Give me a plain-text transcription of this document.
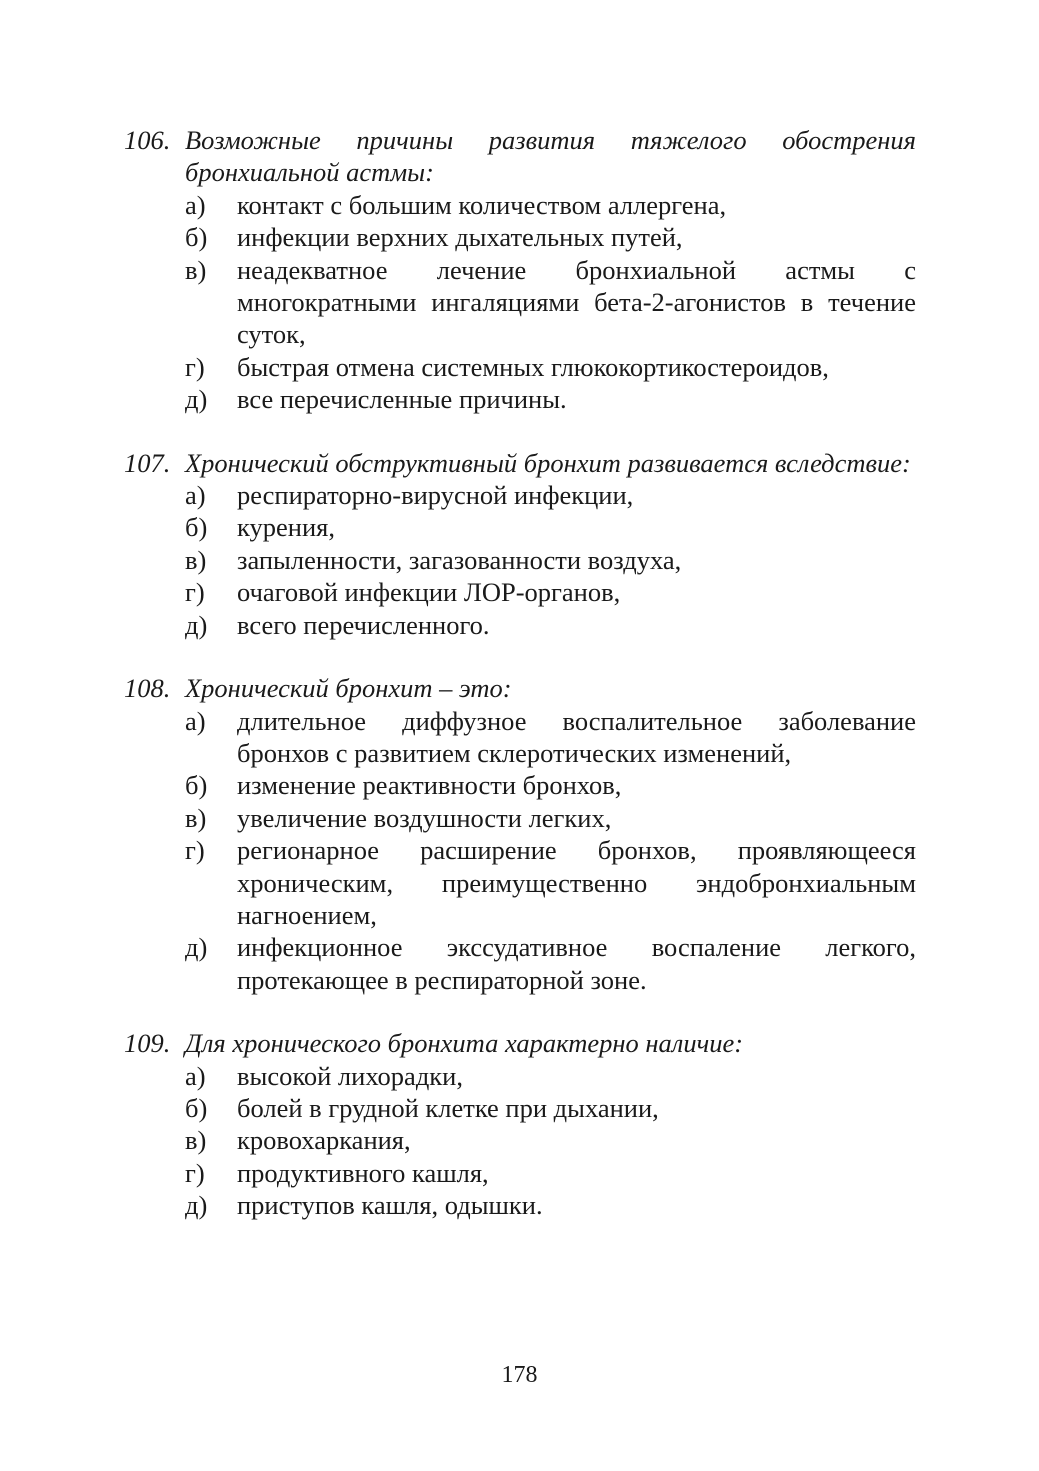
106. Возможные причины развития тяжелого обострения бронхиальной астмы:
а)	контакт с большим количеством аллергена,
б)	инфекции верхних дыхательных путей,
в)	неадекватное лечение бронхиальной астмы с многократными ингаляциями бета-2-агонистов в течение суток,
г)	быстрая отмена системных глюкокортикостероидов,
д)	все перечисленные причины.
107. Хронический обструктивный бронхит развивается вследствие:
а)	респираторно-вирусной инфекции,
б)	курения,
в)	запыленности, загазованности воздуха,
г)	очаговой инфекции ЛОР-органов,
д)	всего перечисленного.
108. Хронический бронхит – это:
а)	длительное диффузное воспалительное заболевание бронхов с развитием склеротических изменений,
б)	изменение реактивности бронхов,
в)	увеличение воздушности легких,
г)	регионарное расширение бронхов, проявляющееся хроническим, преимущественно эндобронхиальным нагноением,
д)	инфекционное экссудативное воспаление легкого, протекающее в респираторной зоне.
109. Для хронического бронхита характерно наличие:
а)	высокой лихорадки,
б)	болей в грудной клетке при дыхании,
в)	кровохаркания,
г)	продуктивного кашля,
д)	приступов кашля, одышки.
178
